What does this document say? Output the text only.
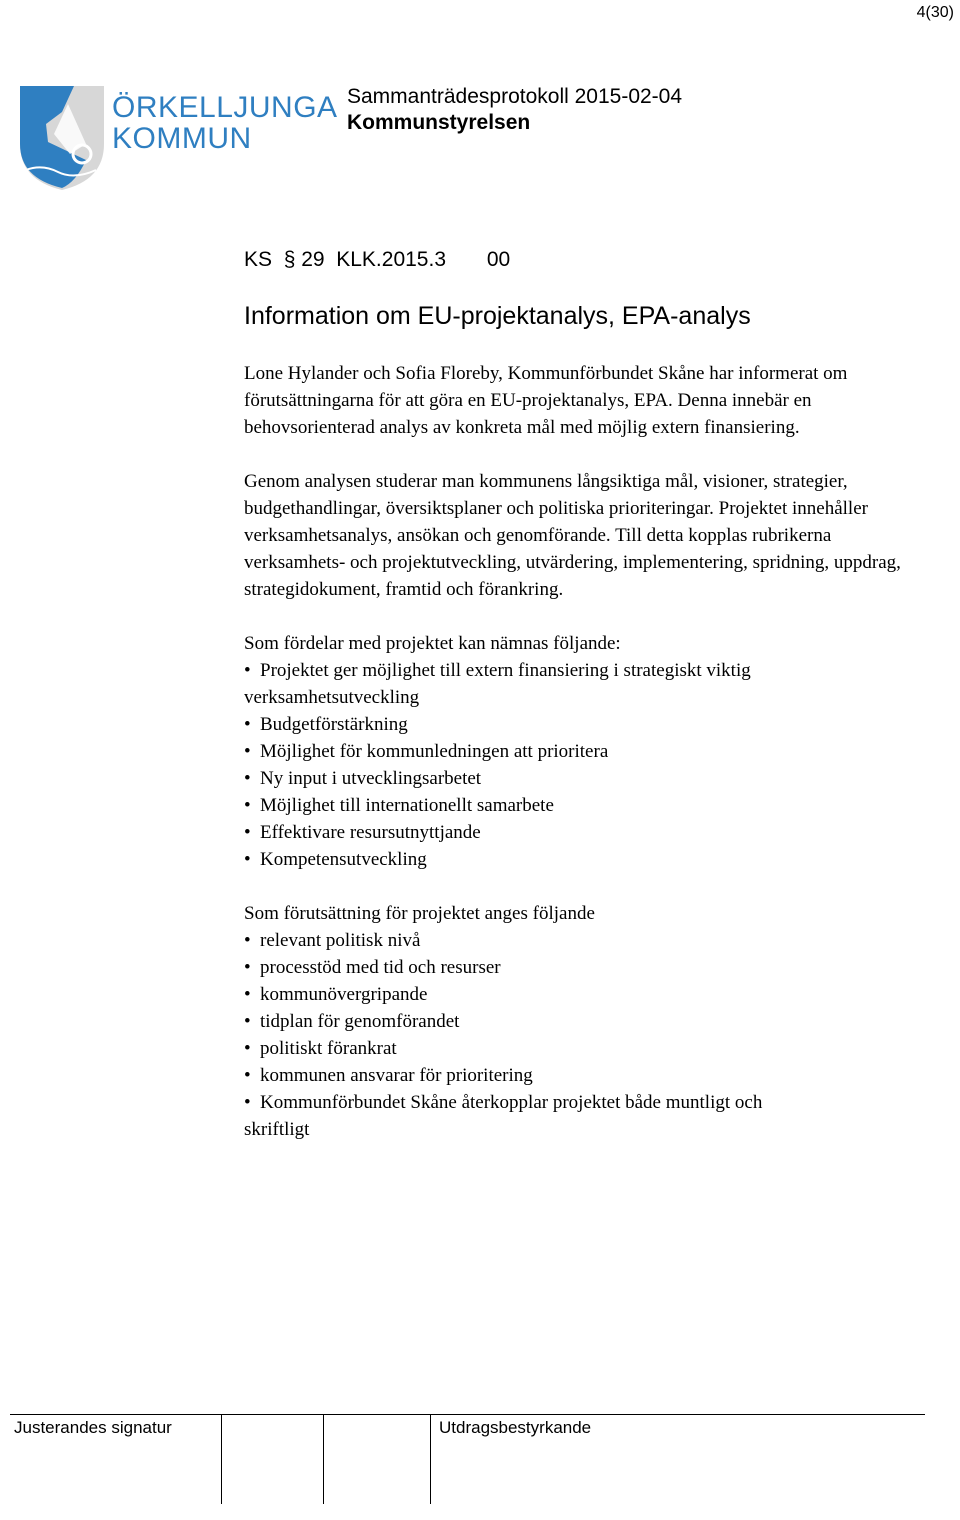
4(30)
ÖRKELLJUNGA
KOMMUN
Sammanträdesprotokoll 2015-02-04
Kommunstyrelsen
KS § 29 KLK.2015.3 00
Information om EU-projektanalys, EPA-analys

Lone Hylander och Sofia Floreby, Kommunförbundet Skåne har informerat om förutsättningarna för att göra en EU-projektanalys, EPA. Denna innebär en behovsorienterad analys av konkreta mål med möjlig extern finansiering.

Genom analysen studerar man kommunens långsiktiga mål, visioner, strategier, budgethandlingar, översiktsplaner och politiska prioriteringar. Projektet innehåller verksamhetsanalys, ansökan och genomförande. Till detta kopplas rubrikerna verksamhets- och projektutveckling, utvärdering, implementering, spridning, uppdrag, strategidokument, framtid och förankring.

Som fördelar med projektet kan nämnas följande:
• Projektet ger möjlighet till extern finansiering i strategiskt viktig
verksamhetsutveckling
• Budgetförstärkning
• Möjlighet för kommunledningen att prioritera
• Ny input i utvecklingsarbetet
• Möjlighet till internationellt samarbete
• Effektivare resursutnyttjande
• Kompetensutveckling
Som förutsättning för projektet anges följande
• relevant politisk nivå
• processtöd med tid och resurser
• kommunövergripande
• tidplan för genomförandet
• politiskt förankrat
• kommunen ansvarar för prioritering
• Kommunförbundet Skåne återkopplar projektet både muntligt och
skriftligt
Justerandes signatur	Utdragsbestyrkande
